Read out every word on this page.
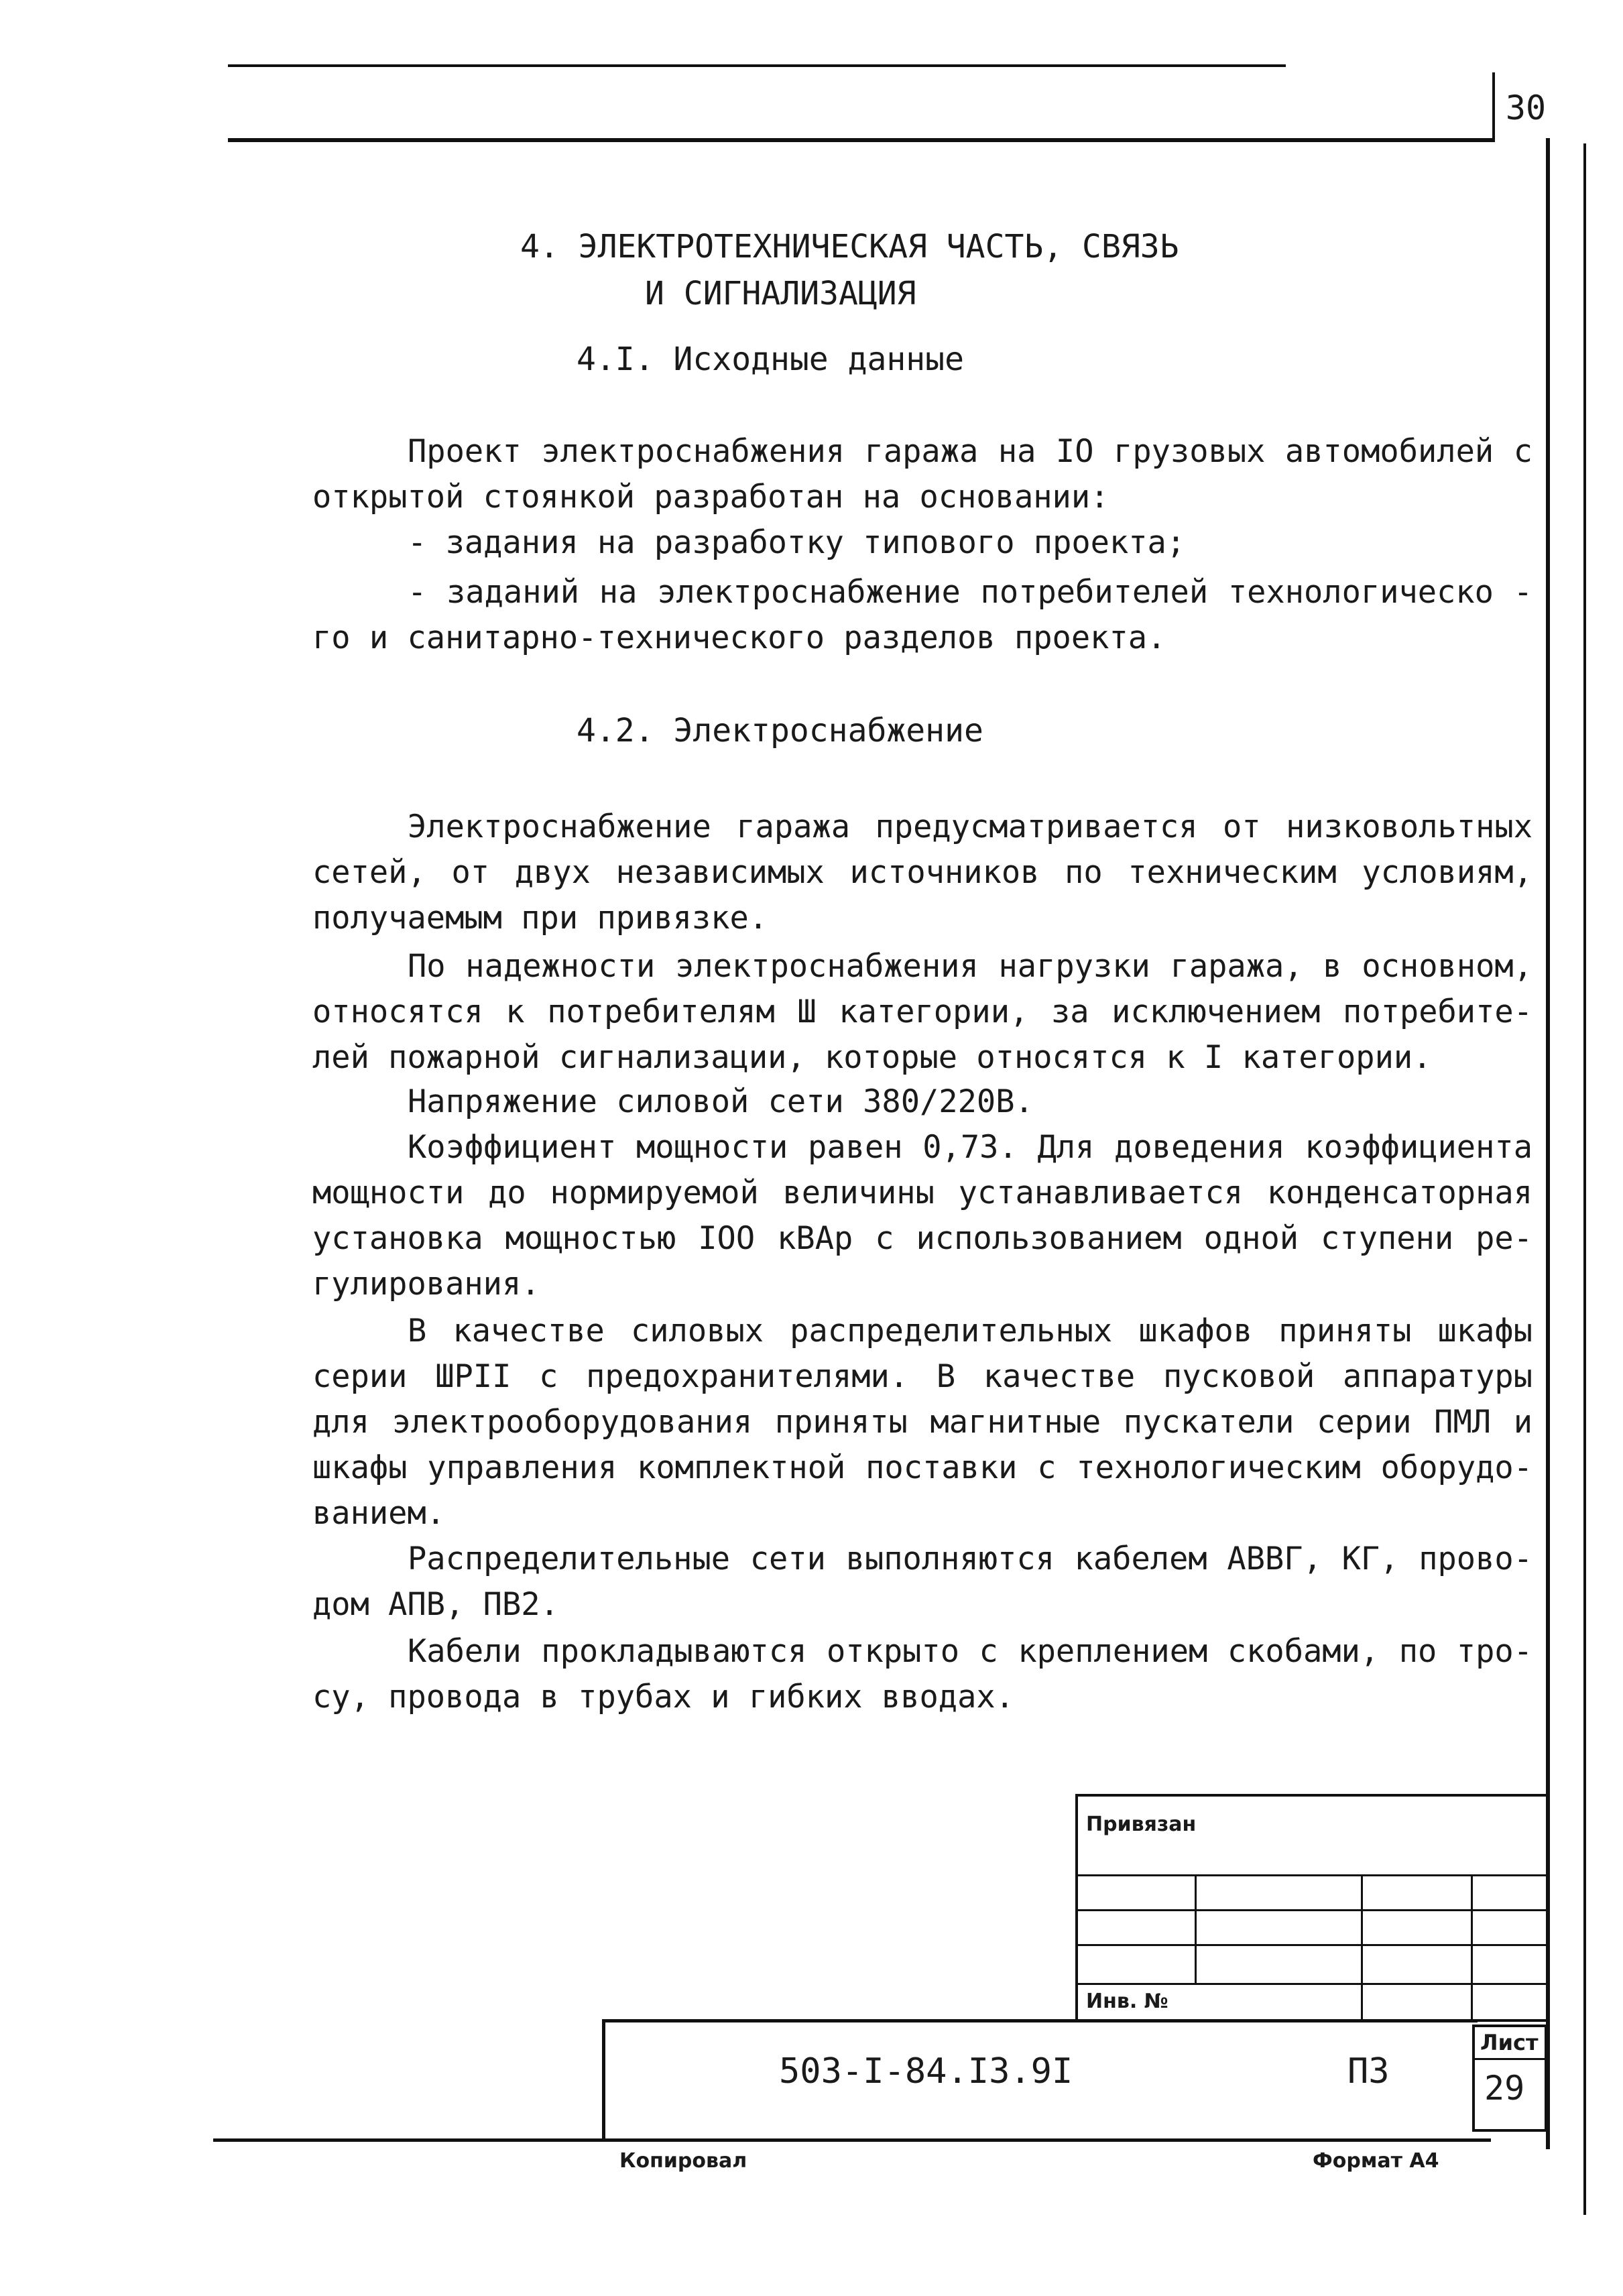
30
4. ЭЛЕКТРОТЕХНИЧЕСКАЯ ЧАСТЬ, СВЯЗЬ
И СИГНАЛИЗАЦИЯ
4.I. Исходные данные

Проект электроснабжения гаража на IO грузовых автомобилей с открытой стоянкой разработан на основании:

- задания на разработку типового проекта;

- заданий на электроснабжение потребителей технологическо - го и санитарно-технического разделов проекта.

4.2. Электроснабжение

Электроснабжение гаража предусматривается от низковольтных сетей, от двух независимых источников по техническим условиям, получаемым при привязке.

По надежности электроснабжения нагрузки гаража, в основном, относятся к потребителям Ш категории, за исключением потребите- лей пожарной сигнализации, которые относятся к I категории.

Напряжение силовой сети 380/220В.

Коэффициент мощности равен 0,73. Для доведения коэффициента мощности до нормируемой величины устанавливается конденсаторная установка мощностью IOO кВАр с использованием одной ступени ре- гулирования.

В качестве силовых распределительных шкафов приняты шкафы серии ШРII с предохранителями. В качестве пусковой аппаратуры для электрооборудования приняты магнитные пускатели серии ПМЛ и шкафы управления комплектной поставки с технологическим оборудо- ванием.

Распределительные сети выполняются кабелем АВВГ, КГ, прово- дом АПВ, ПВ2.

Кабели прокладываются открыто с креплением скобами, по тро- су, провода в трубах и гибких вводах.

Привязан
Инв. №
503-I-84.I3.9I	ПЗ
Лист
29
Копировал	Формат А4
